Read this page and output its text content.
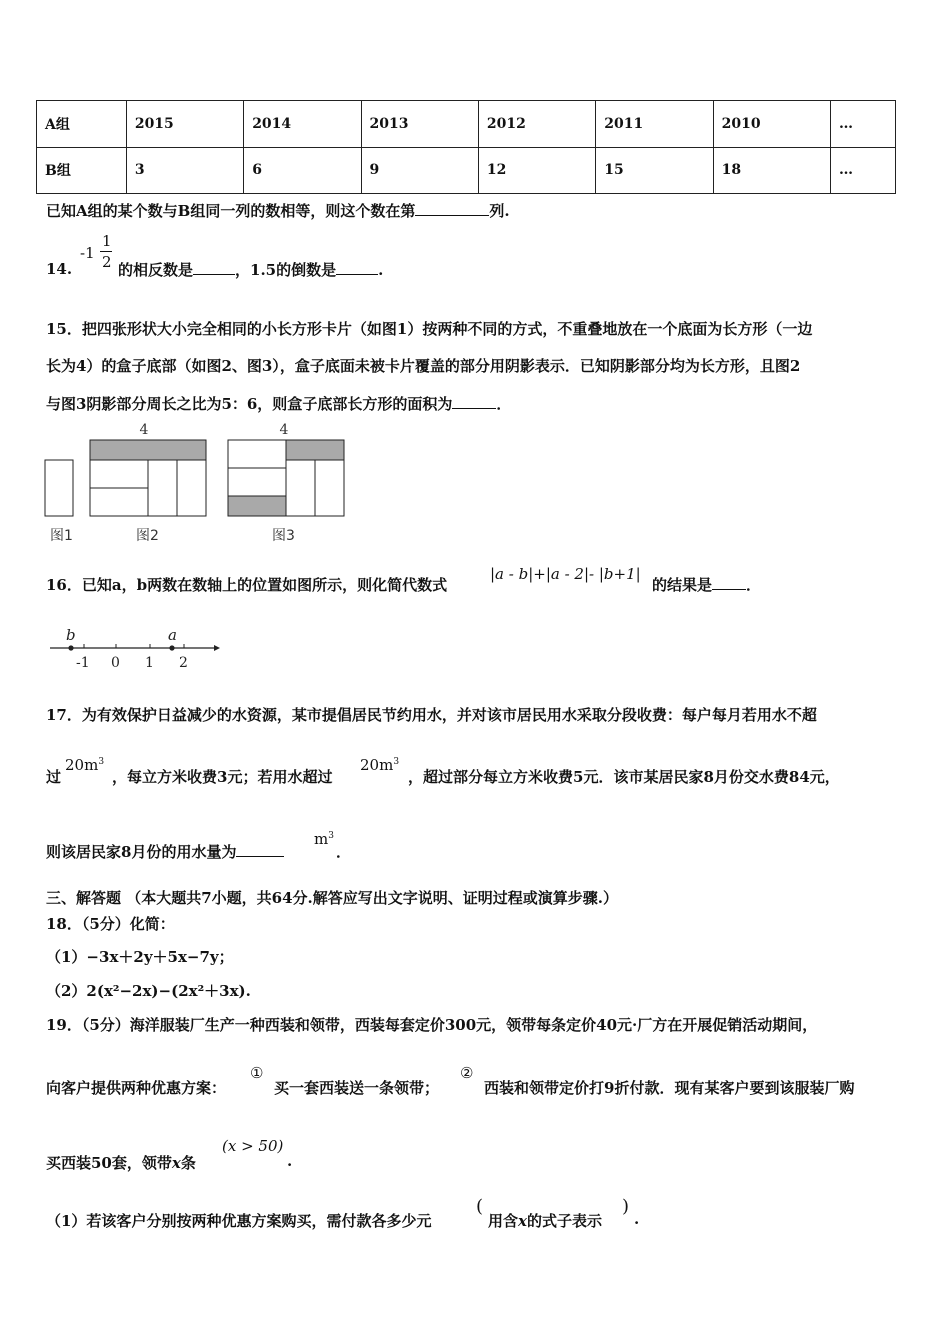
A组	2015	2014	2013	2012	2011	2010	…
B组	3	6	9	12	15	18	…
已知A组的某个数与B组同一列的数相等，则这个数在第	列.
14.
-1
1
2 的相反数是	，1.5的倒数是	.
15．把四张形状大小完全相同的小长方形卡片（如图1）按两种不同的方式，不重叠地放在一个底面为长方形（一边
长为4）的盒子底部（如图2、图3），盒子底面未被卡片覆盖的部分用阴影表示．已知阴影部分均为长方形，且图2
与图3阴影部分周长之比为5：6，则盒子底部长方形的面积为	．
4	4
图1	图2	图3
16．已知a，b两数在数轴上的位置如图所示，则化简代数式
|a - b|+|a - 2|- |b+1|
的结果是 ．
b	a
-1 0 1 2
17．为有效保护日益减少的水资源，某市提倡居民节约用水，并对该市居民用水采取分段收费：每户每月若用水不超
过
$20m^3$
，每立方米收费3元；若用水超过
$20m^3$
，超过部分每立方米收费5元．该市某居民家8月份交水费84元，
则该居民家8月份的用水量为
$m^3$
．
三、解答题 （本大题共7小题，共64分.解答应写出文字说明、证明过程或演算步骤.）
18．（5分）化简：
（1）−3x＋2y＋5x−7y；
（2）2(x²−2x)−(2x²＋3x).
19．（5分）海洋服装厂生产一种西装和领带，西装每套定价300元，领带每条定价40元·厂方在开展促销活动期间，
向客户提供两种优惠方案：
①
买一套西装送一条领带；
②
西装和领带定价打9折付款．现有某客户要到该服装厂购
买西装50套，领带x条
(x > 50)
.
（1）若该客户分别按两种优惠方案购买，需付款各多少元
(
用含x的式子表示
)
.
